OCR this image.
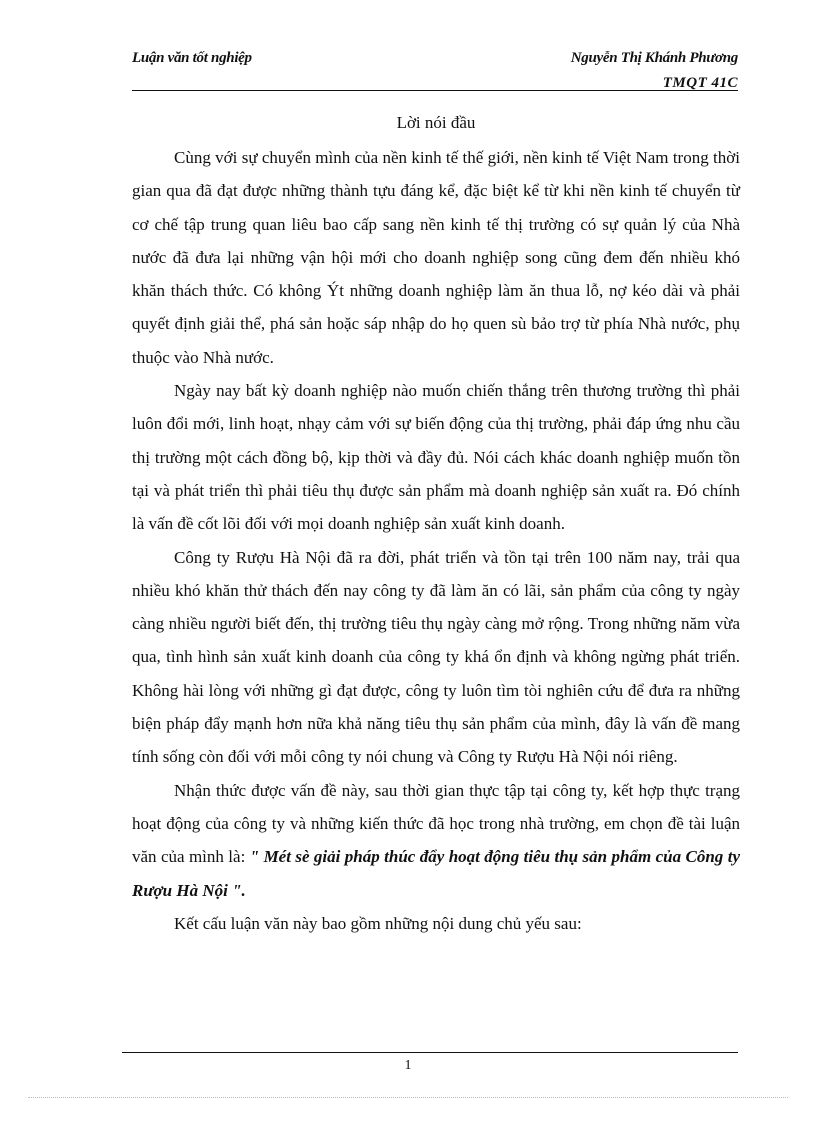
Luận văn tốt nghiệp	Nguyễn Thị Khánh Phương
TMQT 41C
Lời nói đầu

Cùng với sự chuyển mình của nền kinh tế thế giới, nền kinh tế Việt Nam trong thời gian qua đã đạt được những thành tựu đáng kể, đặc biệt kể từ khi nền kinh tế chuyển từ cơ chế tập trung quan liêu bao cấp sang nền kinh tế thị trường có sự quản lý của Nhà nước đã đưa lại những vận hội mới cho doanh nghiệp song cũng đem đến nhiều khó khăn thách thức. Có không Ýt những doanh nghiệp làm ăn thua lỗ, nợ kéo dài và phải quyết định giải thể, phá sản hoặc sáp nhập do họ quen sù bảo trợ từ phía Nhà nước, phụ thuộc vào Nhà nước.

Ngày nay bất kỳ doanh nghiệp nào muốn chiến thắng trên thương trường thì phải luôn đổi mới, linh hoạt, nhạy cảm với sự biến động của thị trường, phải đáp ứng nhu cầu thị trường một cách đồng bộ, kịp thời và đầy đủ. Nói cách khác doanh nghiệp muốn tồn tại và phát triển thì phải tiêu thụ được sản phẩm mà doanh nghiệp sản xuất ra. Đó chính là vấn đề cốt lõi đối với mọi doanh nghiệp sản xuất kinh doanh.

Công ty Rượu Hà Nội đã ra đời, phát triển và tồn tại trên 100 năm nay, trải qua nhiều khó khăn thử thách đến nay công ty đã làm ăn có lãi, sản phẩm của công ty ngày càng nhiều người biết đến, thị trường tiêu thụ ngày càng mở rộng. Trong những năm vừa qua, tình hình sản xuất kinh doanh của công ty khá ổn định và không ngừng phát triển. Không hài lòng với những gì đạt được, công ty luôn tìm tòi nghiên cứu để đưa ra những biện pháp đẩy mạnh hơn nữa khả năng tiêu thụ sản phẩm của mình, đây là vấn đề mang tính sống còn đối với mỗi công ty nói chung và Công ty Rượu Hà Nội nói riêng.

Nhận thức được vấn đề này, sau thời gian thực tập tại công ty, kết hợp thực trạng hoạt động của công ty và những kiến thức đã học trong nhà trường, em chọn đề tài luận văn của mình là: " Mét sè giải pháp thúc đẩy hoạt động tiêu thụ sản phẩm của Công ty Rượu Hà Nội ".

Kết cấu luận văn này bao gồm những nội dung chủ yếu sau:

1
